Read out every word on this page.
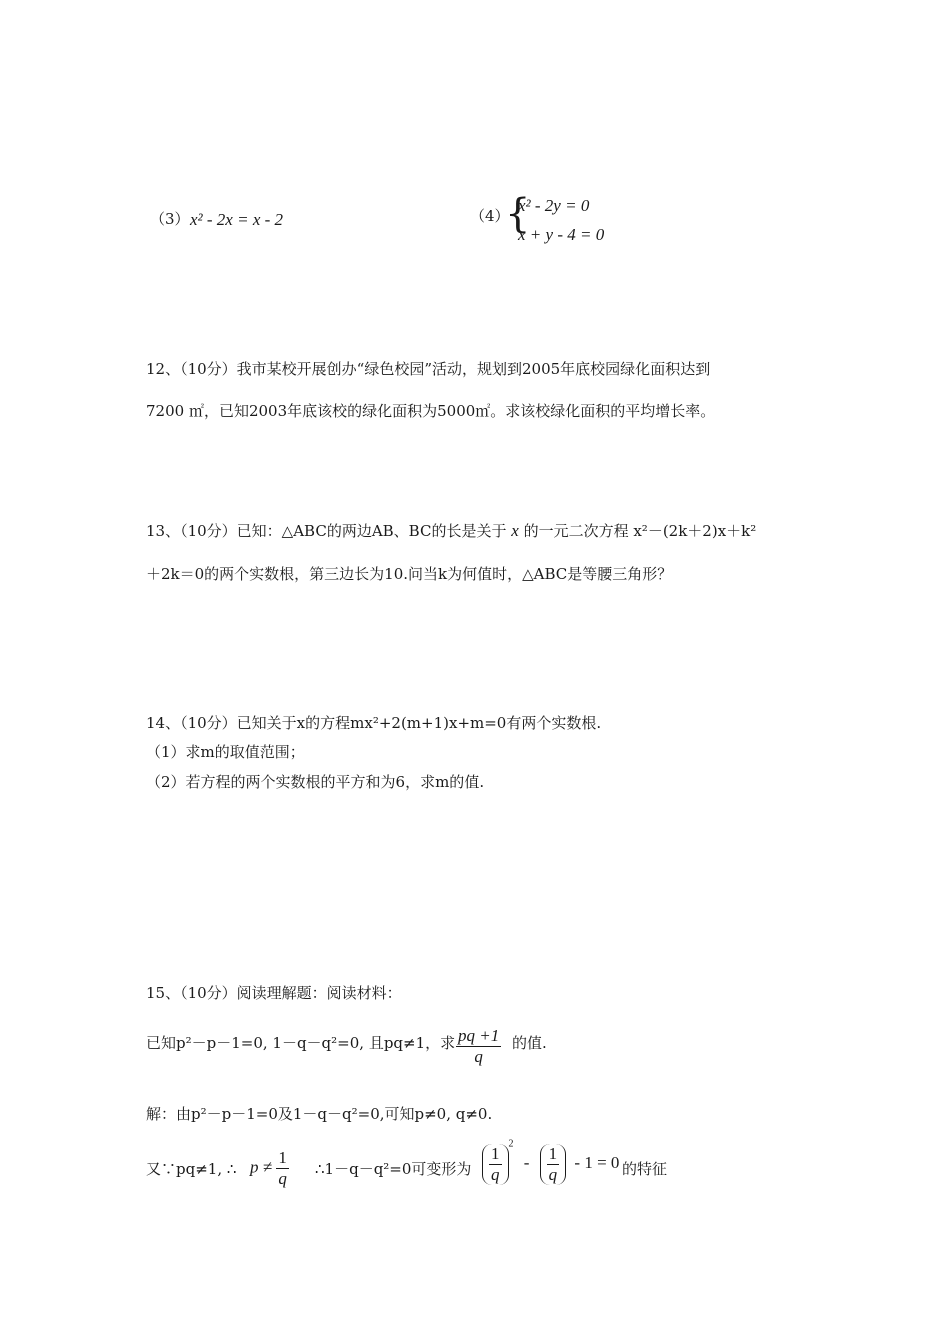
（3） x² - 2x = x - 2	（4）
{
x² - 2y = 0
x + y - 4 = 0
12、（10分）我市某校开展创办“绿色校园”活动，规划到2005年底校园绿化面积达到
7200 ㎡，已知2003年底该校的绿化面积为5000㎡。求该校绿化面积的平均增长率。
13、（10分）已知：△ABC的两边AB、BC的长是关于 x 的一元二次方程 x²－(2k＋2)x＋k²
＋2k＝0的两个实数根，第三边长为10.问当k为何值时，△ABC是等腰三角形？
14、（10分）已知关于x的方程mx²+2(m+1)x+m=0有两个实数根.
（1）求m的取值范围；
（2）若方程的两个实数根的平方和为6，求m的值.
15、（10分）阅读理解题：阅读材料：
已知p²－p－1=0, 1－q－q²=0, 且pq≠1，求 $\frac{pq +1}{q}$ 的值.
解：由p²－p－1=0及1－q－q²=0,可知p≠0, q≠0.
又∵pq≠1, ∴ $p \ne \frac{1}{q}$ ∴1－q－q²=0可变形为 $\frac{1}{q}$
$^2 - \frac{1}{q} - 1 = 0$ 的特征
